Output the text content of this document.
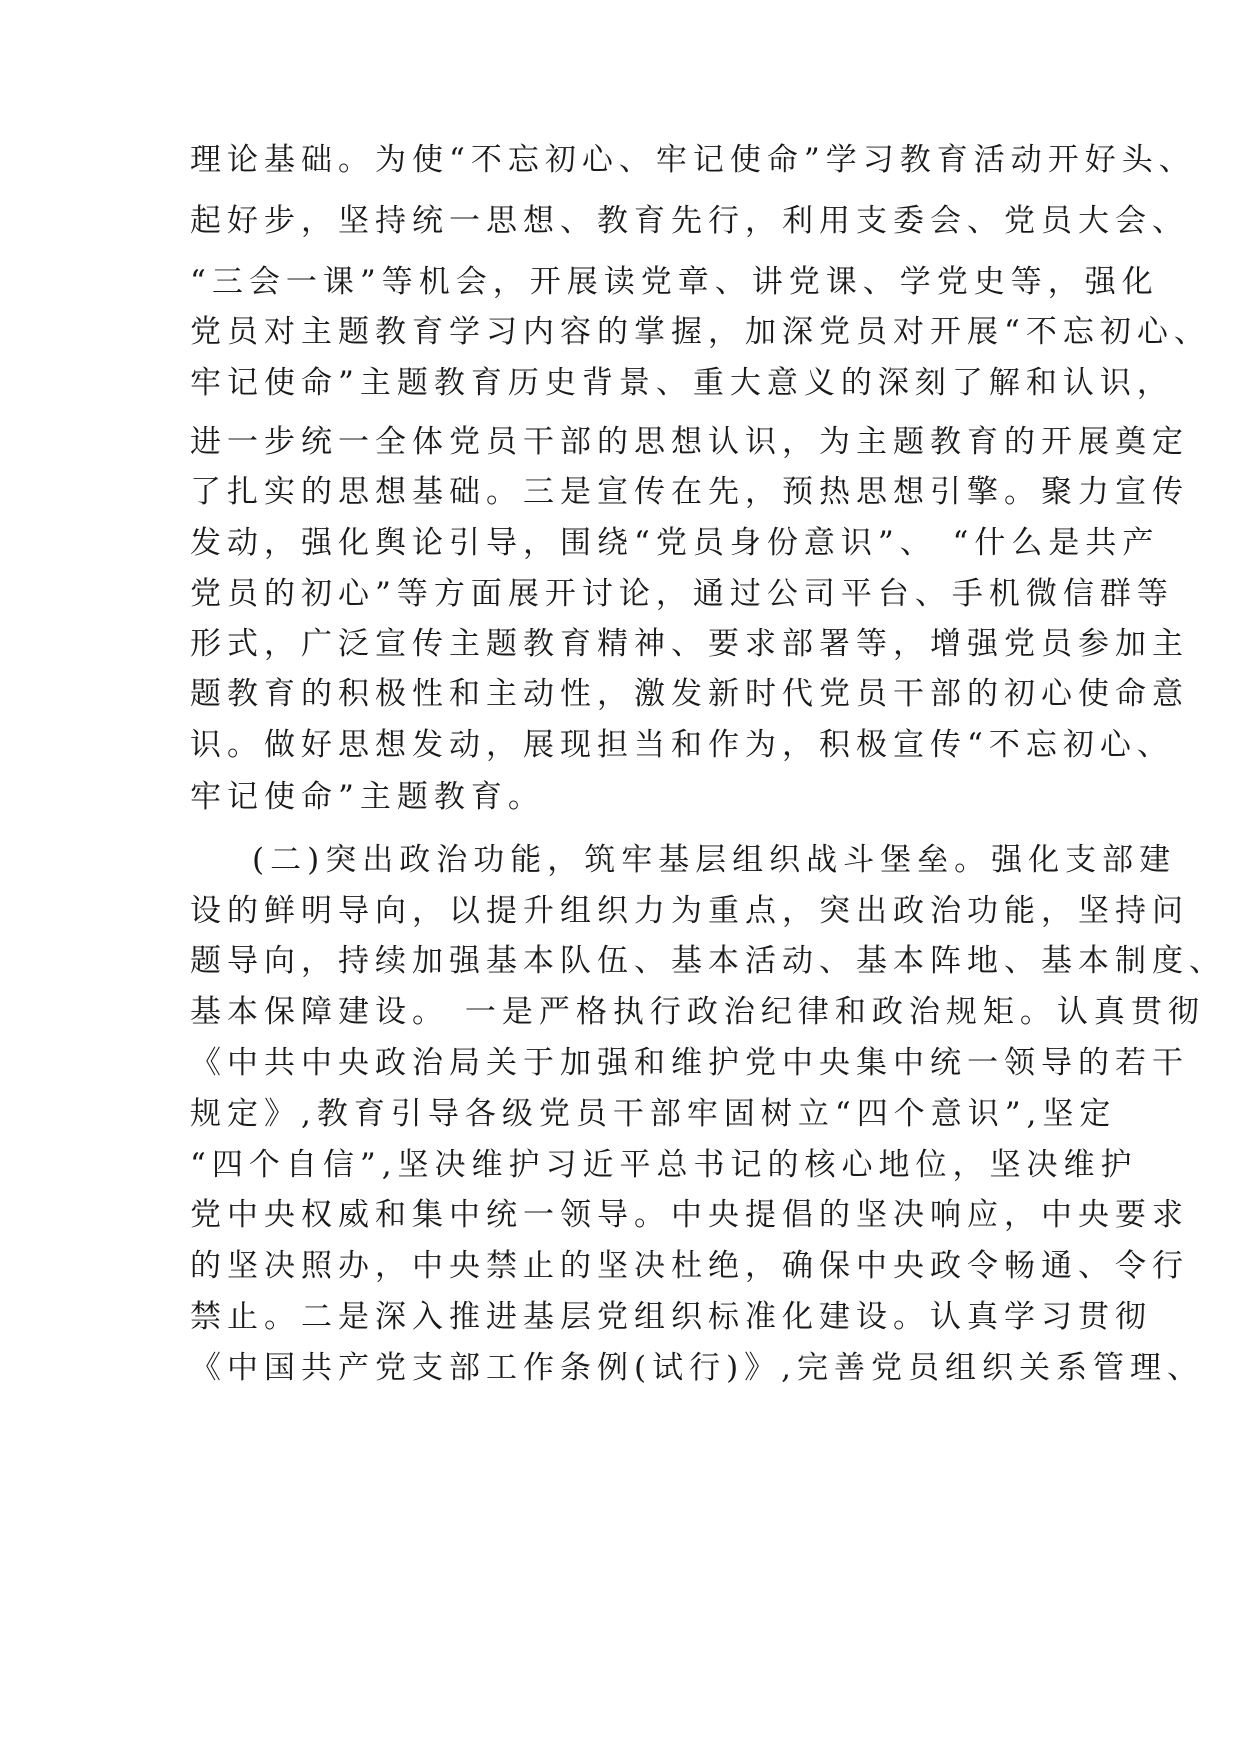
理论基础。为使“不忘初心、牢记使命”学习教育活动开好头、
起好步，坚持统一思想、教育先行，利用支委会、党员大会、
“三会一课”等机会，开展读党章、讲党课、学党史等，强化
党员对主题教育学习内容的掌握，加深党员对开展“不忘初心、
牢记使命”主题教育历史背景、重大意义的深刻了解和认识，
进一步统一全体党员干部的思想认识，为主题教育的开展奠定
了扎实的思想基础。三是宣传在先，预热思想引擎。聚力宣传
发动，强化舆论引导，围绕“党员身份意识”、 “什么是共产
党员的初心”等方面展开讨论，通过公司平台、手机微信群等
形式，广泛宣传主题教育精神、要求部署等，增强党员参加主
题教育的积极性和主动性，激发新时代党员干部的初心使命意
识。做好思想发动，展现担当和作为，积极宣传“不忘初心、
牢记使命”主题教育。
(二)突出政治功能，筑牢基层组织战斗堡垒。强化支部建
设的鲜明导向，以提升组织力为重点，突出政治功能，坚持问
题导向，持续加强基本队伍、基本活动、基本阵地、基本制度、
基本保障建设。 一是严格执行政治纪律和政治规矩。认真贯彻
《中共中央政治局关于加强和维护党中央集中统一领导的若干
规定》,教育引导各级党员干部牢固树立“四个意识”,坚定
“四个自信”,坚决维护习近平总书记的核心地位，坚决维护
党中央权威和集中统一领导。中央提倡的坚决响应，中央要求
的坚决照办，中央禁止的坚决杜绝，确保中央政令畅通、令行
禁止。二是深入推进基层党组织标准化建设。认真学习贯彻
《中国共产党支部工作条例(试行)》,完善党员组织关系管理、
